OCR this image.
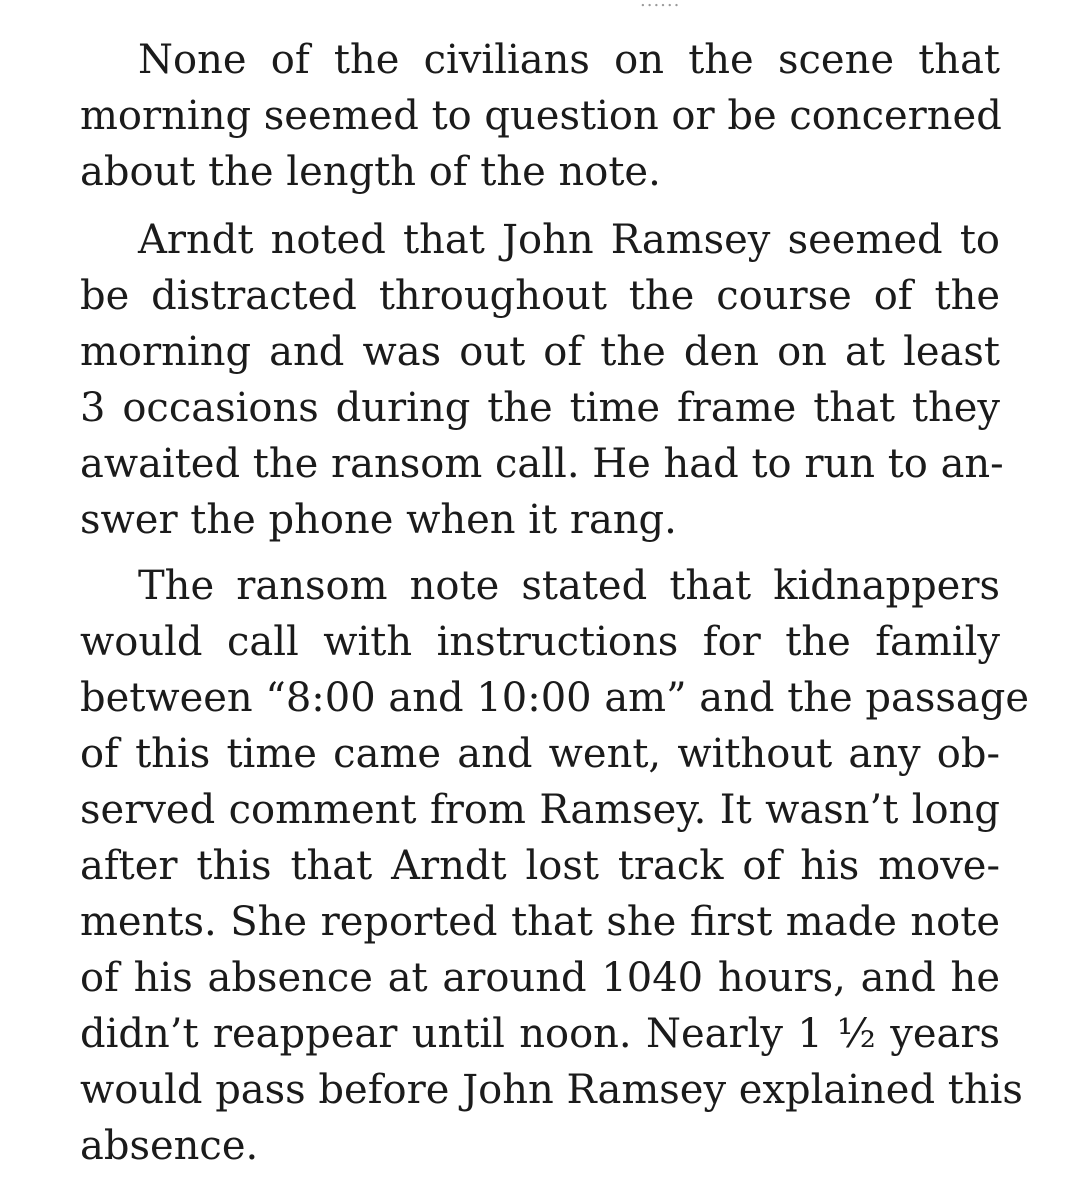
......
None of the civilians on the scene that
morning seemed to question or be concerned
about the length of the note.
Arndt noted that John Ramsey seemed to
be distracted throughout the course of the
morning and was out of the den on at least
3 occasions during the time frame that they
awaited the ransom call. He had to run to an-
swer the phone when it rang.
The ransom note stated that kidnappers
would call with instructions for the family
between “8:00 and 10:00 am” and the passage
of this time came and went, without any ob-
served comment from Ramsey. It wasn’t long
after this that Arndt lost track of his move-
ments. She reported that she first made note
of his absence at around 1040 hours, and he
didn’t reappear until noon. Nearly 1 ½ years
would pass before John Ramsey explained this
absence.
